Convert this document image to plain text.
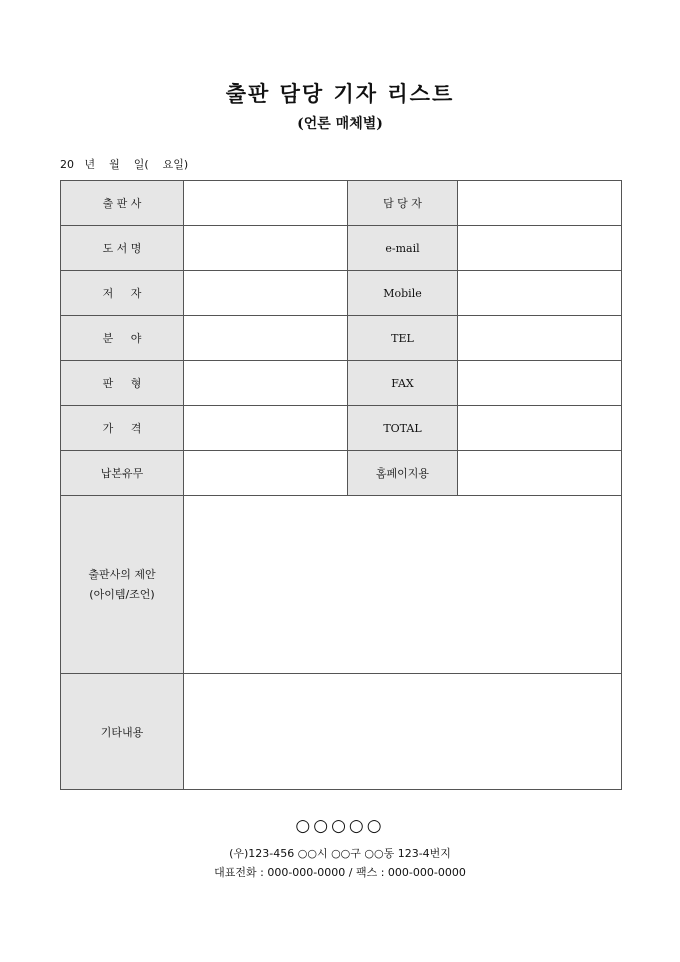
출판 담당 기자 리스트
(언론 매체별)
20   년    월    일(    요일)
출 판 사		담 당 자	
도 서 명		e-mail	
저     자		Mobile	
분     야		TEL	
판     형		FAX	
가     격		TOTAL	
납본유무		홈페이지용	

출판사의 제안
(아이템/조언)			

기타내용			
○○○○○
(우)123-456 ○○시 ○○구 ○○동 123-4번지
대표전화 : 000-000-0000 / 팩스 : 000-000-0000
